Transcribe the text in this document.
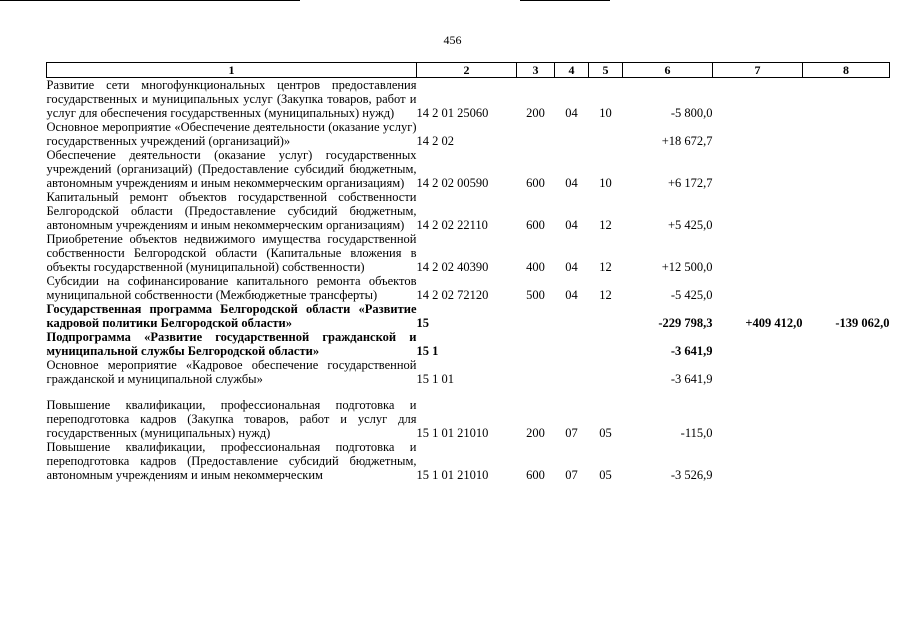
456
1	2	3	4	5	6	7	8
Развитие сети многофункциональных центров предоставления государственных и муниципальных услуг (Закупка товаров, работ и услуг для обеспечения государственных (муниципальных) нужд)	14 2 01 25060	200	04	10	-5 800,0		
Основное мероприятие «Обеспечение деятельности (оказание услуг) государственных учреждений (организаций)»	14 2 02				+18 672,7		
Обеспечение деятельности (оказание услуг) государственных учреждений (организаций) (Предоставление субсидий бюджетным, автономным учреждениям и иным некоммерческим организациям)	14 2 02 00590	600	04	10	+6 172,7		
Капитальный ремонт объектов государственной собственности Белгородской области (Предоставление субсидий бюджетным, автономным учреждениям и иным некоммерческим организациям)	14 2 02 22110	600	04	12	+5 425,0		
Приобретение объектов недвижимого имущества государственной собственности Белгородской области (Капитальные вложения в объекты государственной (муниципальной) собственности)	14 2 02 40390	400	04	12	+12 500,0		
Субсидии на софинансирование капитального ремонта объектов муниципальной собственности (Межбюджетные трансферты)	14 2 02 72120	500	04	12	-5 425,0		
Государственная программа Белгородской области «Развитие кадровой политики Белгородской области»	15				-229 798,3	+409 412,0	-139 062,0
Подпрограмма «Развитие государственной гражданской и муниципальной службы Белгородской области»	15 1				-3 641,9		
Основное мероприятие «Кадровое обеспечение государственной гражданской и муниципальной службы»	15 1 01				-3 641,9		

Повышение квалификации, профессиональная подготовка и переподготовка кадров (Закупка товаров, работ и услуг для государственных (муниципальных) нужд)	15 1 01 21010	200	07	05	-115,0		
Повышение квалификации, профессиональная подготовка и переподготовка кадров (Предоставление субсидий бюджетным, автономным учреждениям и иным некоммерческим	15 1 01 21010	600	07	05	-3 526,9		
